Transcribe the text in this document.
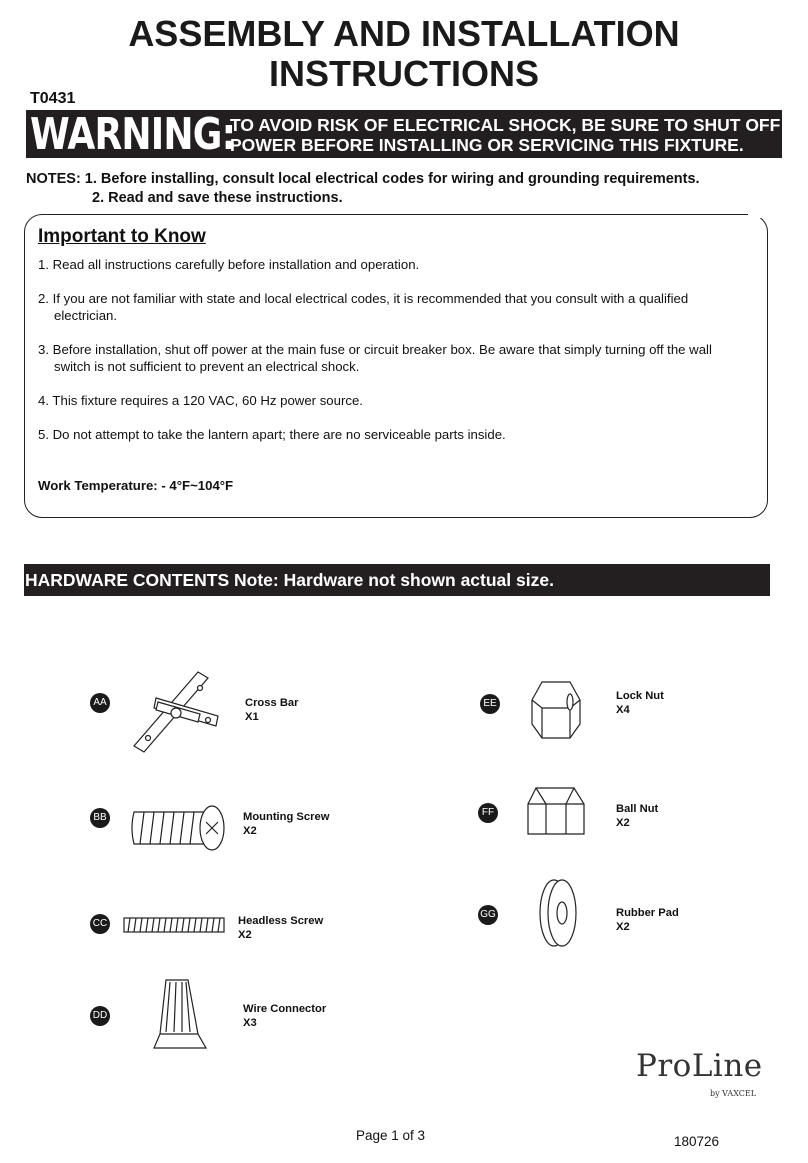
ASSEMBLY AND INSTALLATION
INSTRUCTIONS
T0431
WARNING:
TO AVOID RISK OF ELECTRICAL SHOCK, BE SURE TO SHUT OFF
POWER BEFORE INSTALLING OR SERVICING THIS FIXTURE.
NOTES: 1. Before installing, consult local electrical codes for wiring and grounding requirements.
2. Read and save these instructions.
Important to Know
1. Read all instructions carefully before installation and operation.
2. If you are not familiar with state and local electrical codes, it is recommended that you consult with a qualified electrician.
3. Before installation, shut off power at the main fuse or circuit breaker box. Be aware that simply turning off the wall switch is not sufficient to prevent an electrical shock.
4. This fixture requires a 120 VAC, 60 Hz power source.
5. Do not attempt to take the lantern apart; there are no serviceable parts inside.
Work Temperature: - 4°F~104°F
HARDWARE CONTENTS Note: Hardware not shown actual size.
AA	Cross Bar
X1
BB	Mounting Screw
X2
CC	Headless Screw
X2
DD
Wire Connector
X3
EE
Lock Nut
X4
FF	Ball Nut
X2
GG	Rubber Pad
X2
ProLine
by VAXCEL
Page 1 of 3	180726
